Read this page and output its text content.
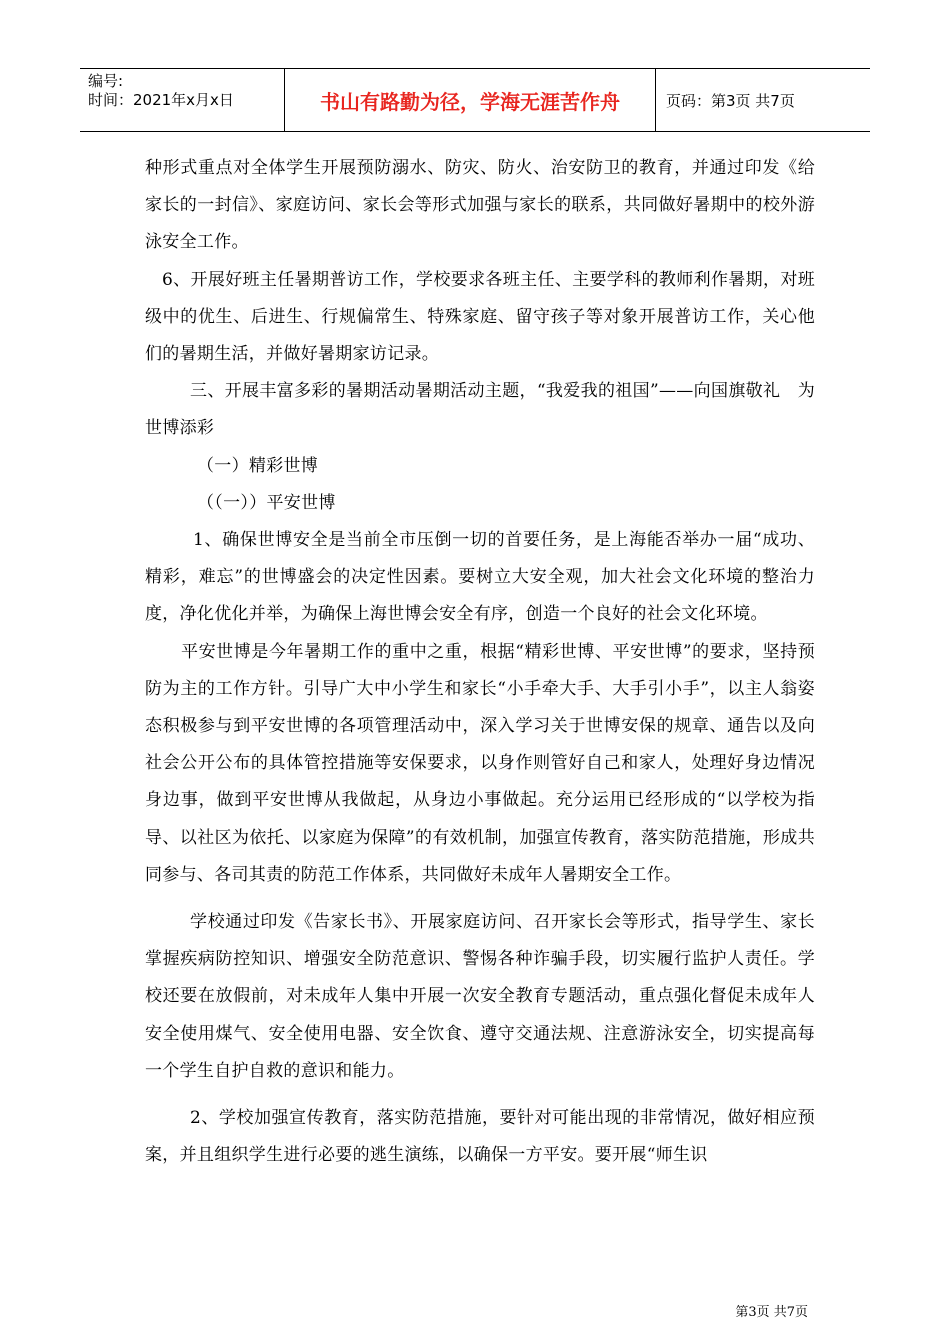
编号:
时间：2021年x月x日	书山有路勤为径，学海无涯苦作舟	页码：第3页 共7页

种形式重点对全体学生开展预防溺水、防灾、防火、治安防卫的教育，并通过印发《给家长的一封信》、家庭访问、家长会等形式加强与家长的联系，共同做好暑期中的校外游泳安全工作。

6、开展好班主任暑期普访工作，学校要求各班主任、主要学科的教师利作暑期，对班级中的优生、后进生、行规偏常生、特殊家庭、留守孩子等对象开展普访工作，关心他们的暑期生活，并做好暑期家访记录。

三、开展丰富多彩的暑期活动暑期活动主题，“我爱我的祖国”——向国旗敬礼　为世博添彩

（一）精彩世博

（（一））平安世博

1、确保世博安全是当前全市压倒一切的首要任务，是上海能否举办一届“成功、精彩，难忘”的世博盛会的决定性因素。要树立大安全观，加大社会文化环境的整治力度，净化优化并举，为确保上海世博会安全有序，创造一个良好的社会文化环境。

平安世博是今年暑期工作的重中之重，根据“精彩世博、平安世博”的要求，坚持预防为主的工作方针。引导广大中小学生和家长“小手牵大手、大手引小手”，以主人翁姿态积极参与到平安世博的各项管理活动中，深入学习关于世博安保的规章、通告以及向社会公开公布的具体管控措施等安保要求，以身作则管好自己和家人，处理好身边情况身边事，做到平安世博从我做起，从身边小事做起。充分运用已经形成的“以学校为指导、以社区为依托、以家庭为保障”的有效机制，加强宣传教育，落实防范措施，形成共同参与、各司其责的防范工作体系，共同做好未成年人暑期安全工作。

学校通过印发《告家长书》、开展家庭访问、召开家长会等形式，指导学生、家长掌握疾病防控知识、增强安全防范意识、警惕各种诈骗手段，切实履行监护人责任。学校还要在放假前，对未成年人集中开展一次安全教育专题活动，重点强化督促未成年人安全使用煤气、安全使用电器、安全饮食、遵守交通法规、注意游泳安全，切实提高每一个学生自护自救的意识和能力。

2、学校加强宣传教育，落实防范措施，要针对可能出现的非常情况，做好相应预案，并且组织学生进行必要的逃生演练，以确保一方平安。要开展“师生识

第3页 共7页
